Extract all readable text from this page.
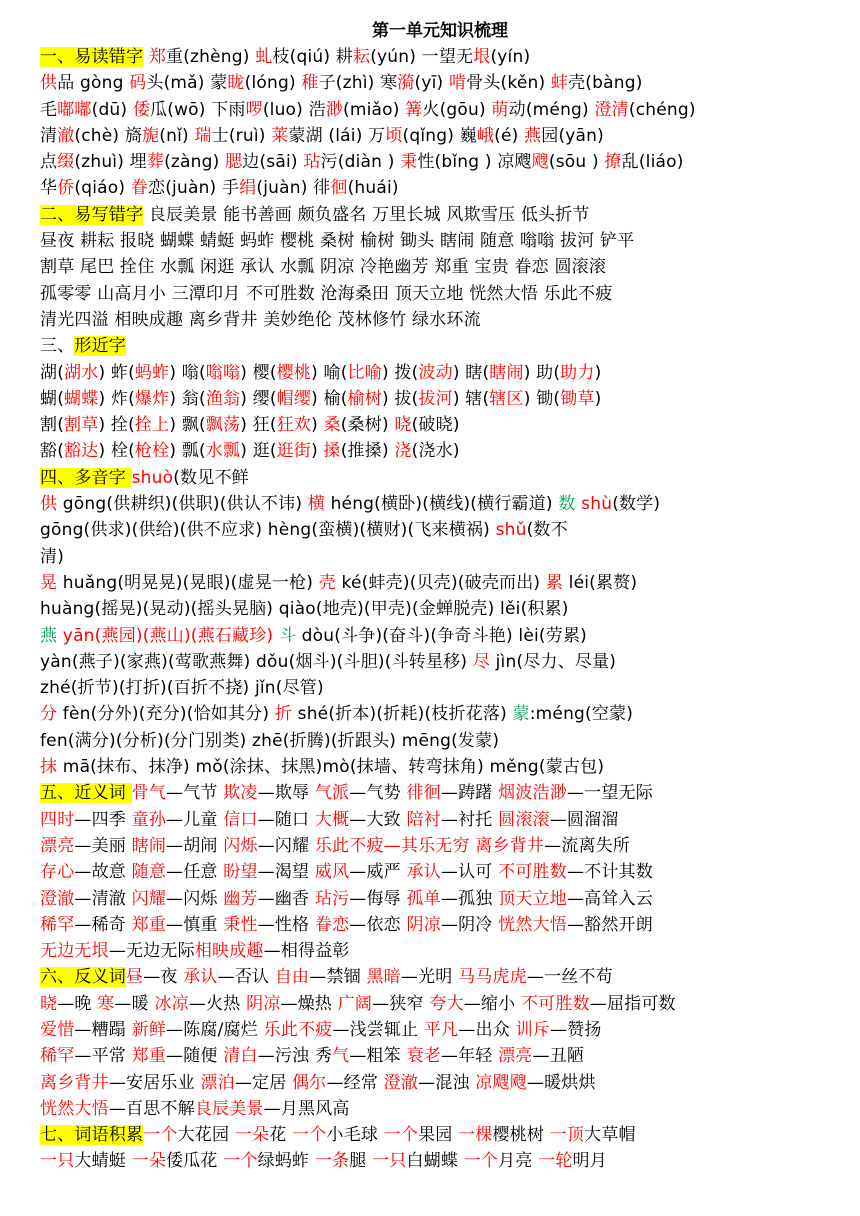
第一单元知识梳理
一、易读错字 郑重(zhèng) 虬枝(qiú) 耕耘(yún) 一望无垠(yín)
供品 gòng 码头(mǎ) 蒙眬(lóng) 稚子(zhì) 寒漪(yī) 啃骨头(kěn) 蚌壳(bàng)
毛嘟嘟(dū) 倭瓜(wō) 下雨啰(luo) 浩渺(miǎo) 篝火(gōu) 萌动(méng) 澄清(chéng)
清澈(chè) 旖旎(nǐ) 瑞士(ruì) 莱蒙湖 (lái) 万顷(qǐng) 巍峨(é) 燕园(yān)
点缀(zhuì) 埋葬(zàng) 腮边(sāi) 玷污(diàn ) 秉性(bǐng ) 凉飕飕(sōu ) 撩乱(liáo)
华侨(qiáo) 眷恋(juàn) 手绢(juàn) 徘徊(huái)
二、易写错字 良辰美景 能书善画 颇负盛名 万里长城 风欺雪压 低头折节
昼夜 耕耘 报晓 蝴蝶 蜻蜓 蚂蚱 樱桃 桑树 榆树 锄头 瞎闹 随意 嗡嗡 拔河 铲平
割草 尾巴 拴住 水瓢 闲逛 承认 水瓢 阴凉 冷艳幽芳 郑重 宝贵 眷恋 圆滚滚
孤零零 山高月小 三潭印月 不可胜数 沧海桑田 顶天立地 恍然大悟 乐此不疲
清光四溢 相映成趣 离乡背井 美妙绝伦 茂林修竹 绿水环流
三、形近字
湖(湖水) 蚱(蚂蚱) 嗡(嗡嗡) 樱(樱桃) 喻(比喻) 拨(波动) 瞎(瞎闹) 助(助力)
蝴(蝴蝶) 炸(爆炸) 翁(渔翁) 缨(帽缨) 榆(榆树) 拔(拔河) 辖(辖区) 锄(锄草)
割(割草) 拴(拴上) 飘(飘荡) 狂(狂欢) 桑(桑树) 晓(破晓)
豁(豁达) 栓(枪栓) 瓢(水瓢) 逛(逛街) 搡(推搡) 浇(浇水)
四、多音字 shuò(数见不鲜
供 gōng(供耕织)(供职)(供认不讳) 横 héng(横卧)(横线)(横行霸道) 数 shù(数学)
gōng(供求)(供给)(供不应求) hèng(蛮横)(横财)(飞来横祸) shǔ(数不
清)
晃 huǎng(明晃晃)(晃眼)(虚晃一枪) 壳 ké(蚌壳)(贝壳)(破壳而出) 累 léi(累赘)
huàng(摇晃)(晃动)(摇头晃脑) qiào(地壳)(甲壳)(金蝉脱壳) lěi(积累)
燕 yān(燕园)(燕山)(燕石藏珍) 斗 dòu(斗争)(奋斗)(争奇斗艳) lèi(劳累)
yàn(燕子)(家燕)(莺歌燕舞) dǒu(烟斗)(斗胆)(斗转星移) 尽 jìn(尽力、尽量)
zhé(折节)(打折)(百折不挠) jǐn(尽管)
分 fèn(分外)(充分)(恰如其分) 折 shé(折本)(折耗)(枝折花落) 蒙:méng(空蒙)
fen(满分)(分析)(分门别类) zhē(折腾)(折跟头) mēng(发蒙)
抹 mā(抹布、抹净) mǒ(涂抹、抹黑)mò(抹墙、转弯抹角) měng(蒙古包)
五、近义词 骨气—气节 欺凌—欺辱 气派—气势 徘徊—踌躇 烟波浩渺—一望无际
四时—四季 童孙—儿童 信口—随口 大概—大致 陪衬—衬托 圆滚滚—圆溜溜
漂亮—美丽 瞎闹—胡闹 闪烁—闪耀 乐此不疲—其乐无穷 离乡背井—流离失所
存心—故意 随意—任意 盼望—渴望 威风—威严 承认—认可 不可胜数—不计其数
澄澈—清澈 闪耀—闪烁 幽芳—幽香 玷污—侮辱 孤单—孤独 顶天立地—高耸入云
稀罕—稀奇 郑重—慎重 秉性—性格 眷恋—依恋 阴凉—阴冷 恍然大悟—豁然开朗
无边无垠—无边无际相映成趣—相得益彰
六、反义词昼—夜 承认—否认 自由—禁锢 黑暗—光明 马马虎虎—一丝不苟
晓—晚 寒—暖 冰凉—火热 阴凉—燥热 广阔—狭窄 夸大—缩小 不可胜数—屈指可数
爱惜—糟蹋 新鲜—陈腐/腐烂 乐此不疲—浅尝辄止 平凡—出众 训斥—赞扬
稀罕—平常 郑重—随便 清白—污浊 秀气—粗笨 衰老—年轻 漂亮—丑陋
离乡背井—安居乐业 漂泊—定居 偶尔—经常 澄澈—混浊 凉飕飕—暖烘烘
恍然大悟—百思不解良辰美景—月黑风高
七、词语积累一个大花园 一朵花 一个小毛球 一个果园 一棵樱桃树 一顶大草帽
一只大蜻蜓 一朵倭瓜花 一个绿蚂蚱 一条腿 一只白蝴蝶 一个月亮 一轮明月
